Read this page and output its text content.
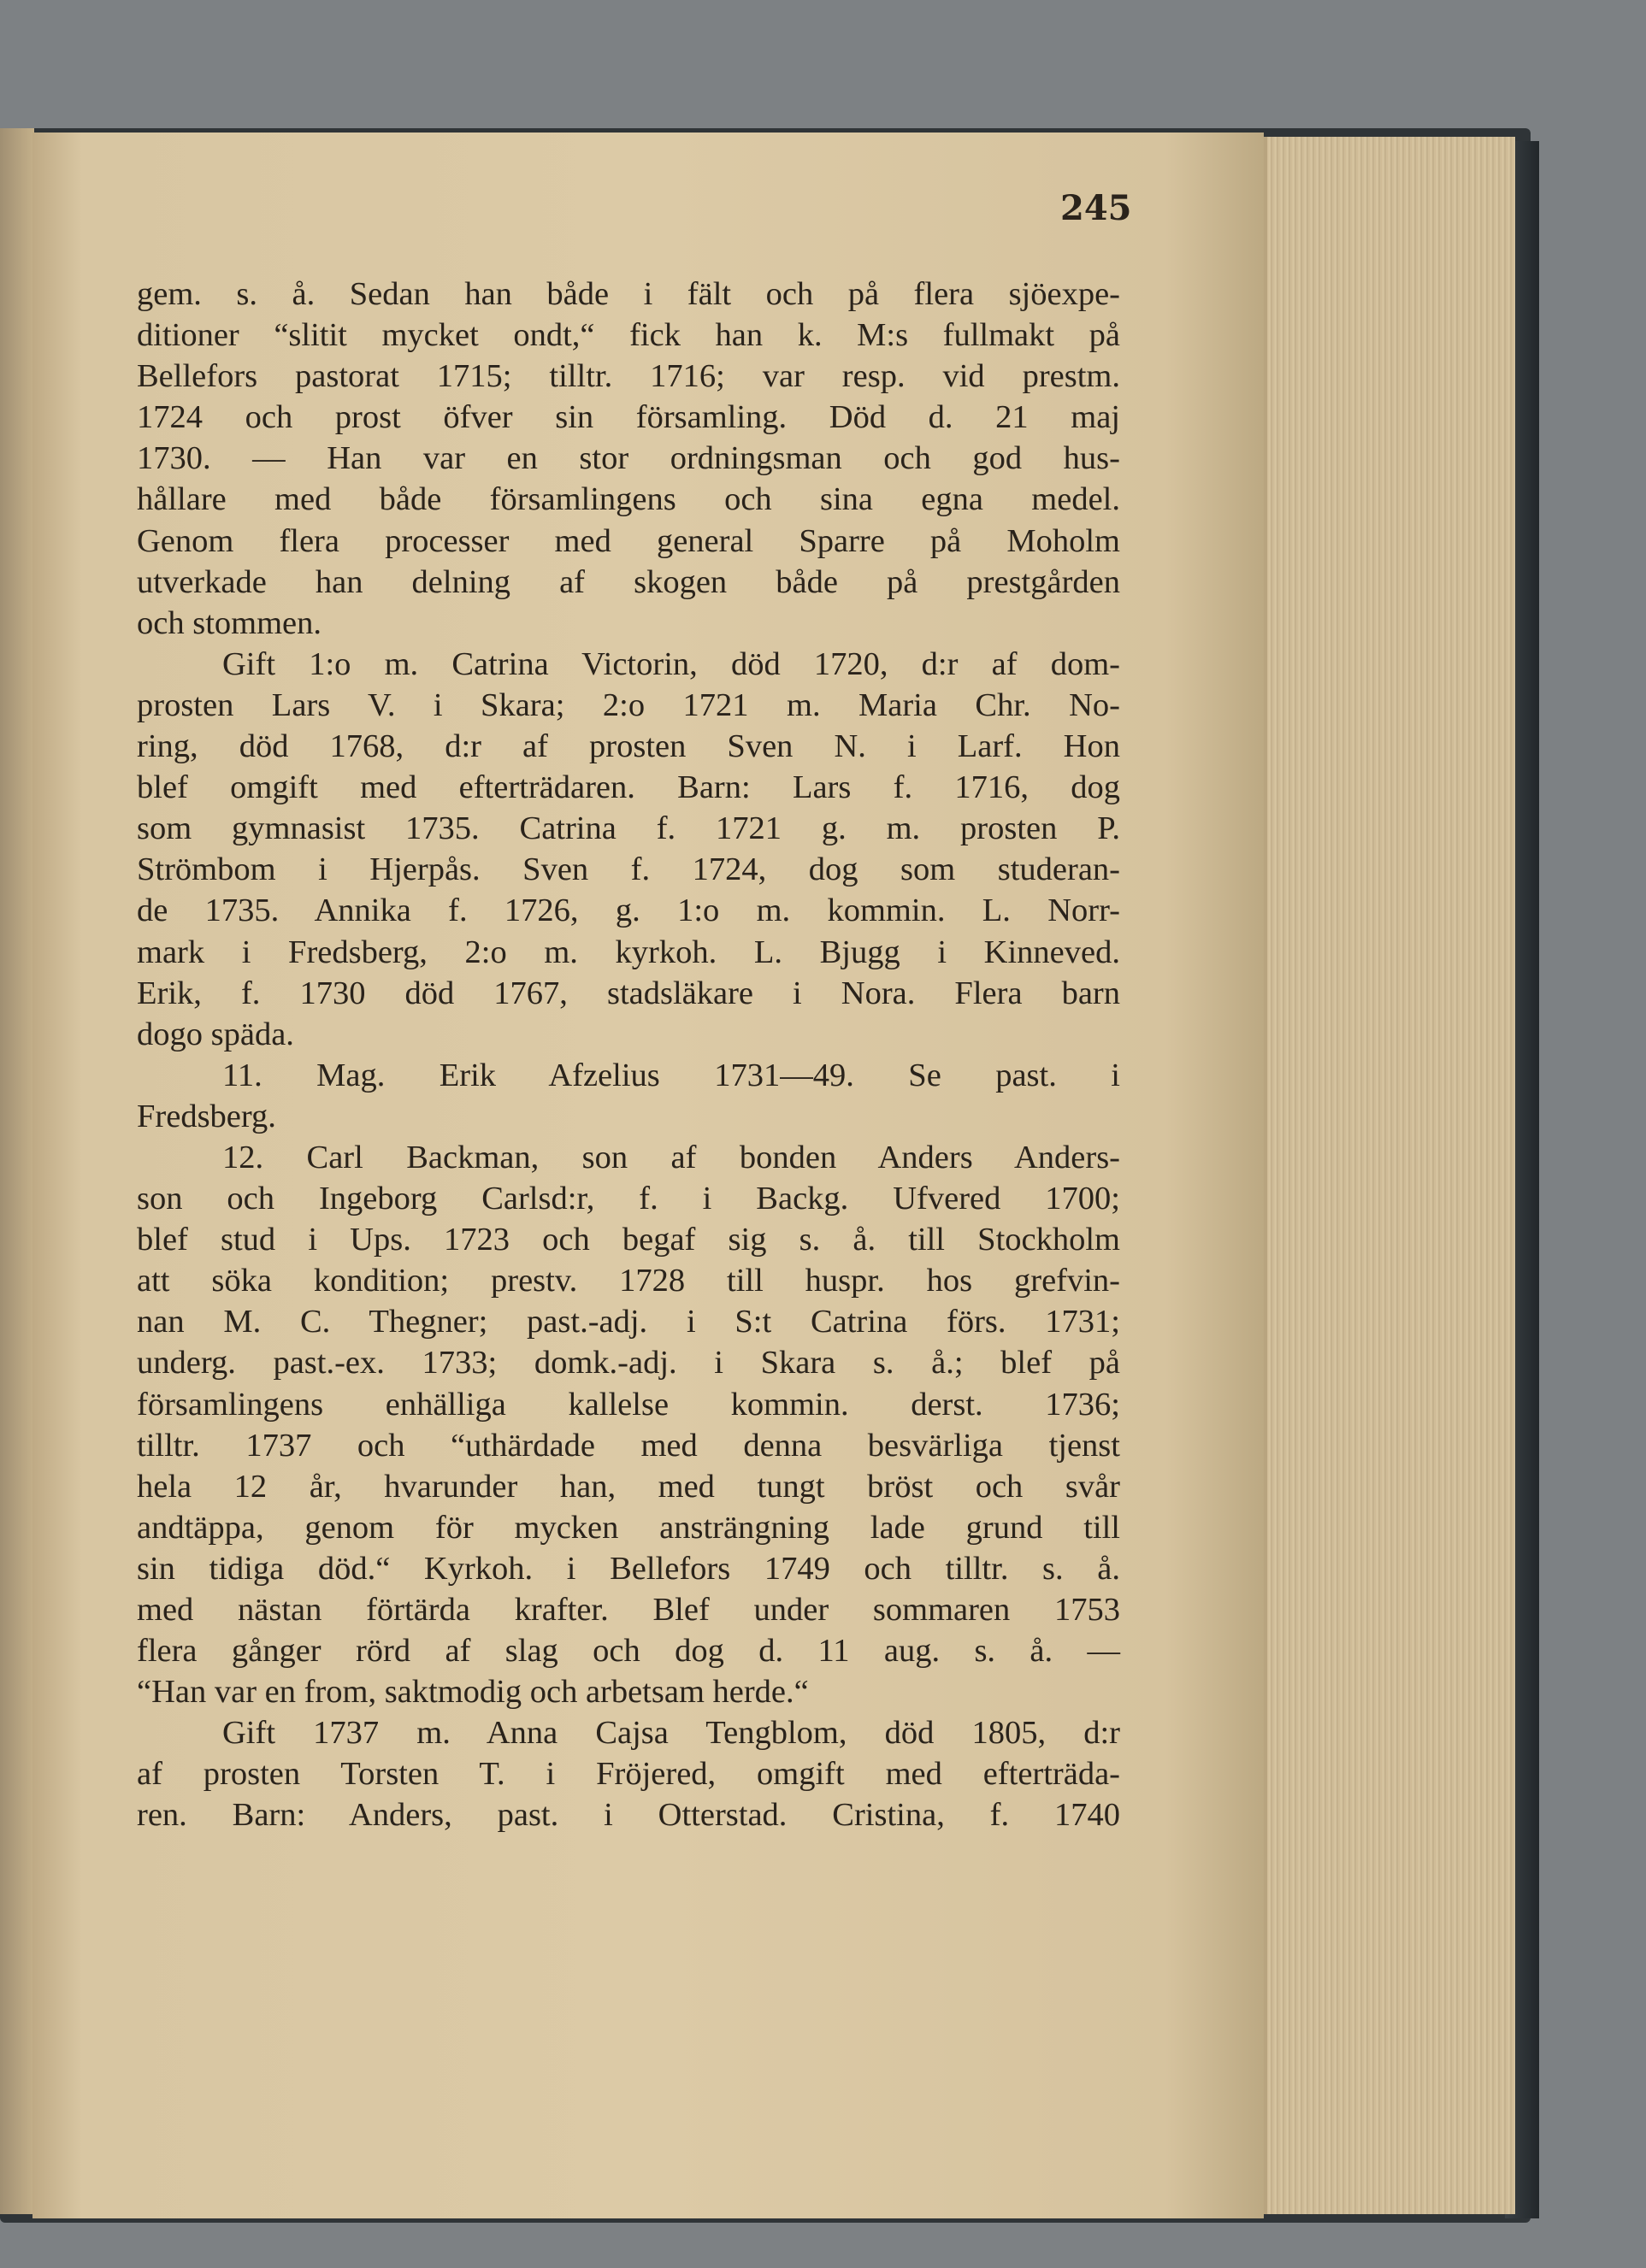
245
gem. s. å. Sedan han både i fält och på flera sjöexpe-
ditioner “slitit mycket ondt,“ fick han k. M:s fullmakt på
Bellefors pastorat 1715; tilltr. 1716; var resp. vid prestm.
1724 och prost öfver sin församling. Död d. 21 maj
1730. — Han var en stor ordningsman och god hus-
hållare med både församlingens och sina egna medel.
Genom flera processer med general Sparre på Moholm
utverkade han delning af skogen både på prestgården
och stommen.
Gift 1:o m. Catrina Victorin, död 1720, d:r af dom-
prosten Lars V. i Skara; 2:o 1721 m. Maria Chr. No-
ring, död 1768, d:r af prosten Sven N. i Larf. Hon
blef omgift med efterträdaren. Barn: Lars f. 1716, dog
som gymnasist 1735. Catrina f. 1721 g. m. prosten P.
Strömbom i Hjerpås. Sven f. 1724, dog som studeran-
de 1735. Annika f. 1726, g. 1:o m. kommin. L. Norr-
mark i Fredsberg, 2:o m. kyrkoh. L. Bjugg i Kinneved.
Erik, f. 1730 död 1767, stadsläkare i Nora. Flera barn
dogo späda.
11. Mag. Erik Afzelius 1731—49. Se past. i
Fredsberg.
12. Carl Backman, son af bonden Anders Anders-
son och Ingeborg Carlsd:r, f. i Backg. Ufvered 1700;
blef stud i Ups. 1723 och begaf sig s. å. till Stockholm
att söka kondition; prestv. 1728 till huspr. hos grefvin-
nan M. C. Thegner; past.-adj. i S:t Catrina förs. 1731;
underg. past.-ex. 1733; domk.-adj. i Skara s. å.; blef på
församlingens enhälliga kallelse kommin. derst. 1736;
tilltr. 1737 och “uthärdade med denna besvärliga tjenst
hela 12 år, hvarunder han, med tungt bröst och svår
andtäppa, genom för mycken ansträngning lade grund till
sin tidiga död.“ Kyrkoh. i Bellefors 1749 och tilltr. s. å.
med nästan förtärda krafter. Blef under sommaren 1753
flera gånger rörd af slag och dog d. 11 aug. s. å. —
“Han var en from, saktmodig och arbetsam herde.“
Gift 1737 m. Anna Cajsa Tengblom, död 1805, d:r
af prosten Torsten T. i Fröjered, omgift med efterträda-
ren. Barn: Anders, past. i Otterstad. Cristina, f. 1740
